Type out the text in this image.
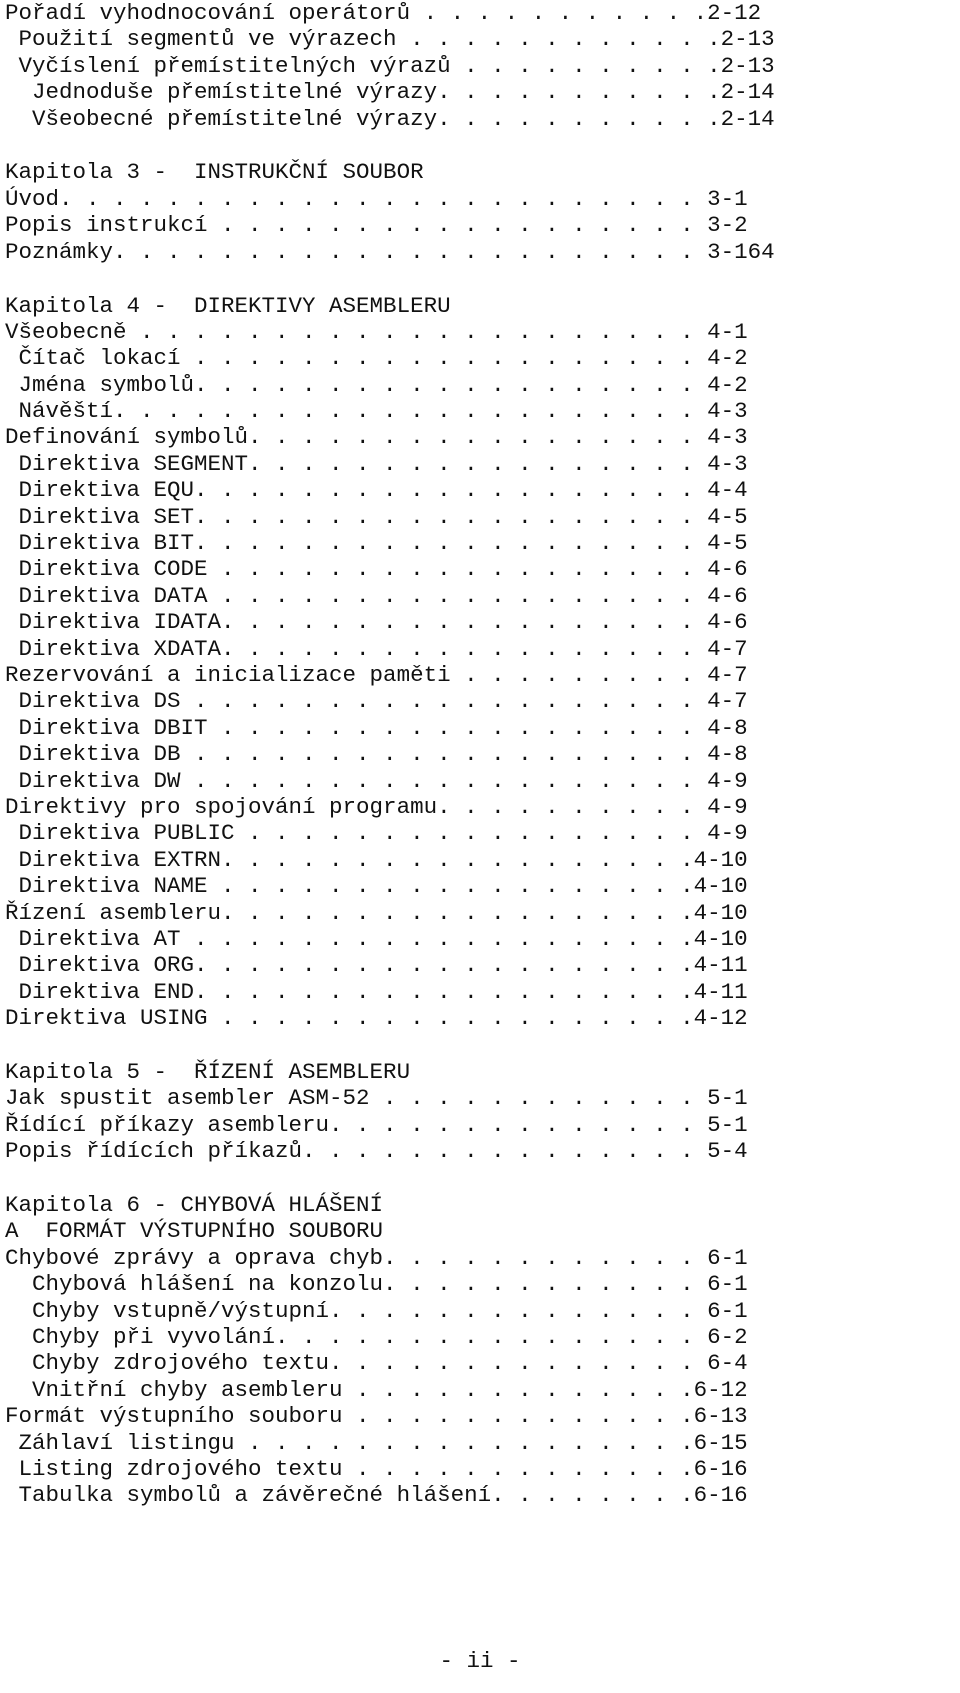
Pořadí vyhodnocování operátorů . . . . . . . . . . .2-12
Použití segmentů ve výrazech . . . . . . . . . . . .2-13
Vyčíslení přemístitelných výrazů . . . . . . . . . .2-13
Jednoduše přemístitelné výrazy. . . . . . . . . . .2-14
Všeobecné přemístitelné výrazy. . . . . . . . . . .2-14
Kapitola 3 -  INSTRUKČNÍ SOUBOR
Úvod. . . . . . . . . . . . . . . . . . . . . . . . 3-1
Popis instrukcí . . . . . . . . . . . . . . . . . . 3-2
Poznámky. . . . . . . . . . . . . . . . . . . . . . 3-164
Kapitola 4 -  DIREKTIVY ASEMBLERU
Všeobecně . . . . . . . . . . . . . . . . . . . . . 4-1
Čítač lokací . . . . . . . . . . . . . . . . . . . 4-2
Jména symbolů. . . . . . . . . . . . . . . . . . . 4-2
Návěští. . . . . . . . . . . . . . . . . . . . . . 4-3
Definování symbolů. . . . . . . . . . . . . . . . . 4-3
Direktiva SEGMENT. . . . . . . . . . . . . . . . . 4-3
Direktiva EQU. . . . . . . . . . . . . . . . . . . 4-4
Direktiva SET. . . . . . . . . . . . . . . . . . . 4-5
Direktiva BIT. . . . . . . . . . . . . . . . . . . 4-5
Direktiva CODE . . . . . . . . . . . . . . . . . . 4-6
Direktiva DATA . . . . . . . . . . . . . . . . . . 4-6
Direktiva IDATA. . . . . . . . . . . . . . . . . . 4-6
Direktiva XDATA. . . . . . . . . . . . . . . . . . 4-7
Rezervování a inicializace paměti . . . . . . . . . 4-7
Direktiva DS . . . . . . . . . . . . . . . . . . . 4-7
Direktiva DBIT . . . . . . . . . . . . . . . . . . 4-8
Direktiva DB . . . . . . . . . . . . . . . . . . . 4-8
Direktiva DW . . . . . . . . . . . . . . . . . . . 4-9
Direktivy pro spojování programu. . . . . . . . . . 4-9
Direktiva PUBLIC . . . . . . . . . . . . . . . . . 4-9
Direktiva EXTRN. . . . . . . . . . . . . . . . . .4-10
Direktiva NAME . . . . . . . . . . . . . . . . . .4-10
Řízení asembleru. . . . . . . . . . . . . . . . . .4-10
Direktiva AT . . . . . . . . . . . . . . . . . . .4-10
Direktiva ORG. . . . . . . . . . . . . . . . . . .4-11
Direktiva END. . . . . . . . . . . . . . . . . . .4-11
Direktiva USING . . . . . . . . . . . . . . . . . .4-12
Kapitola 5 -  ŘÍZENÍ ASEMBLERU
Jak spustit asembler ASM-52 . . . . . . . . . . . . 5-1
Řídící příkazy asembleru. . . . . . . . . . . . . . 5-1
Popis řídících příkazů. . . . . . . . . . . . . . . 5-4
Kapitola 6 - CHYBOVÁ HLÁŠENÍ
A  FORMÁT VÝSTUPNÍHO SOUBORU
Chybové zprávy a oprava chyb. . . . . . . . . . . . 6-1
Chybová hlášení na konzolu. . . . . . . . . . . . 6-1
Chyby vstupně/výstupní. . . . . . . . . . . . . . 6-1
Chyby při vyvolání. . . . . . . . . . . . . . . . 6-2
Chyby zdrojového textu. . . . . . . . . . . . . . 6-4
Vnitřní chyby asembleru . . . . . . . . . . . . .6-12
Formát výstupního souboru . . . . . . . . . . . . .6-13
Záhlaví listingu . . . . . . . . . . . . . . . . .6-15
Listing zdrojového textu . . . . . . . . . . . . .6-16
Tabulka symbolů a závěrečné hlášení. . . . . . . .6-16
- ii -
